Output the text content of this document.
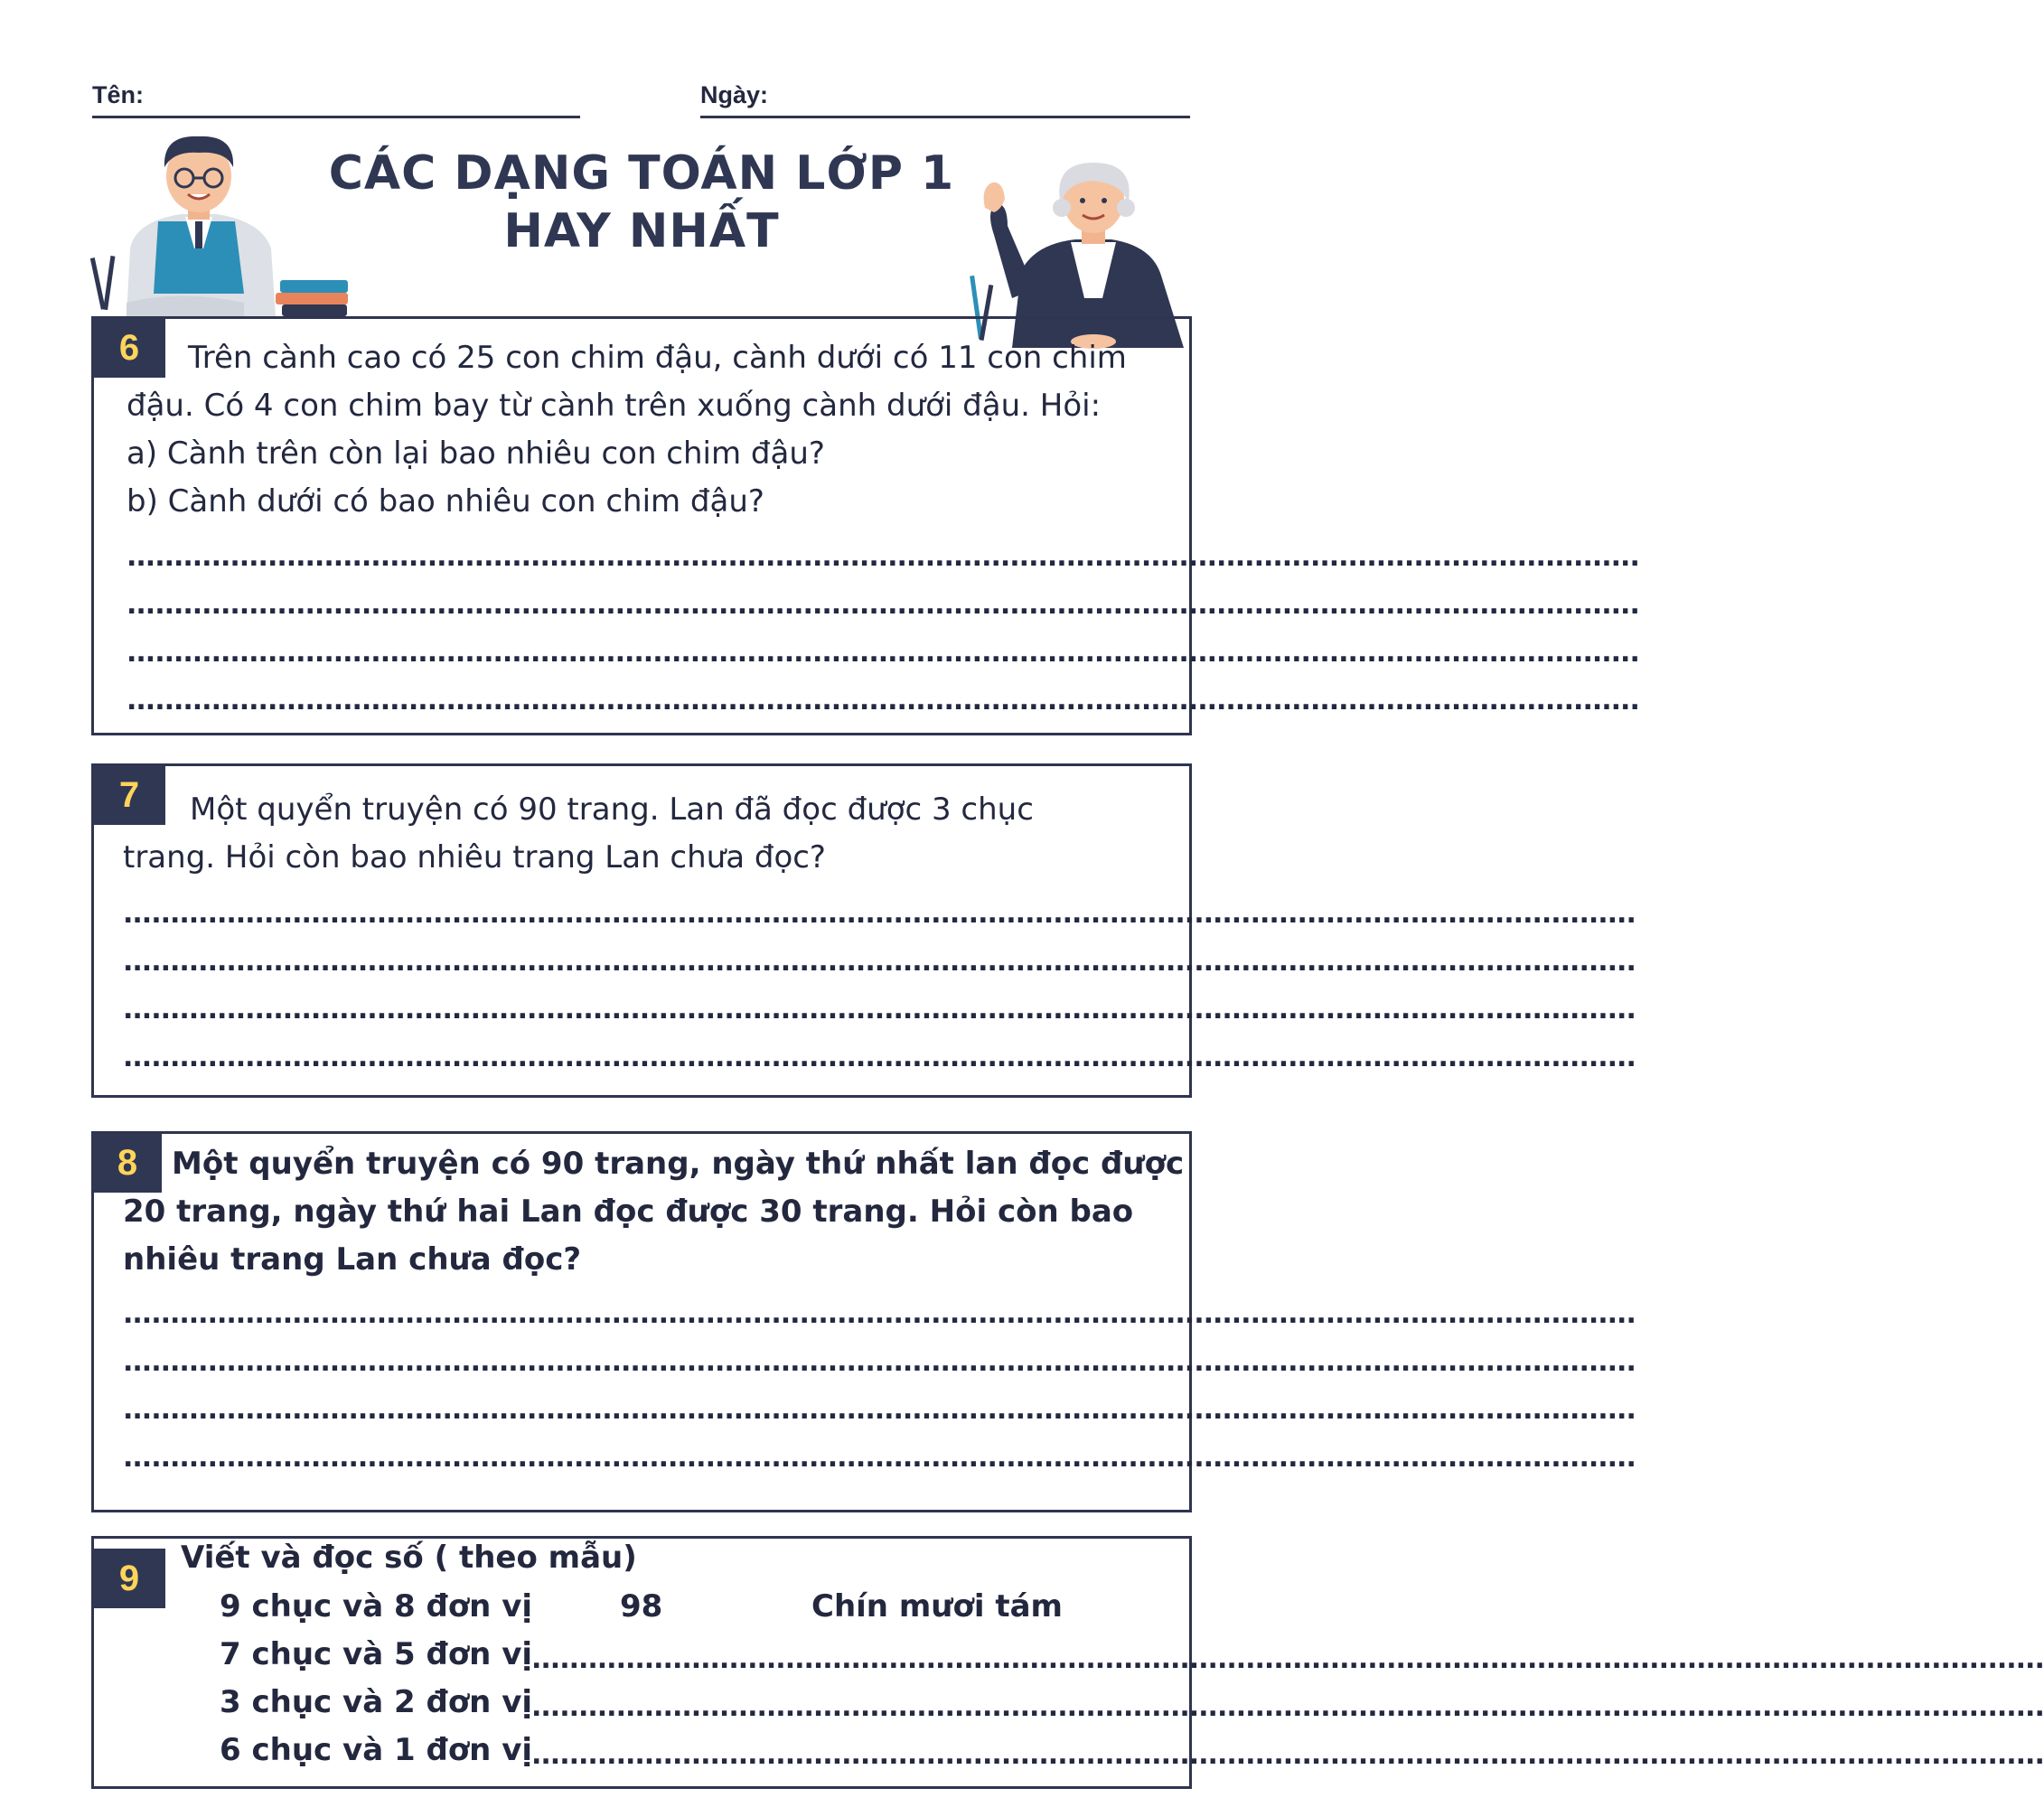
Tên:	Ngày:
CÁC DẠNG TOÁN LỚP 1
HAY NHẤT
6	Trên cành cao có 25 con chim đậu, cành dưới có 11 con chim
đậu. Có 4 con chim bay từ cành trên xuống cành dưới đậu. Hỏi:
a) Cành trên còn lại bao nhiêu con chim đậu?
b) Cành dưới có bao nhiêu con chim đậu?
.................................................................................................................................................................
.................................................................................................................................................................
.................................................................................................................................................................
.................................................................................................................................................................
7	Một quyển truyện có 90 trang. Lan đã đọc được 3 chục
trang. Hỏi còn bao nhiêu trang Lan chưa đọc?
.................................................................................................................................................................
.................................................................................................................................................................
.................................................................................................................................................................
.................................................................................................................................................................
8	Một quyển truyện có 90 trang, ngày thứ nhất lan đọc được
20 trang, ngày thứ hai Lan đọc được 30 trang. Hỏi còn bao
nhiêu trang Lan chưa đọc?
.................................................................................................................................................................
.................................................................................................................................................................
.................................................................................................................................................................
.................................................................................................................................................................
9
Viết và đọc số ( theo mẫu)
9 chục và 8 đơn vị	98	Chín mươi tám
7 chục và 5 đơn vị
.................................................................................................................................................................
3 chục và 2 đơn vị
.................................................................................................................................................................
6 chục và 1 đơn vị
.................................................................................................................................................................
